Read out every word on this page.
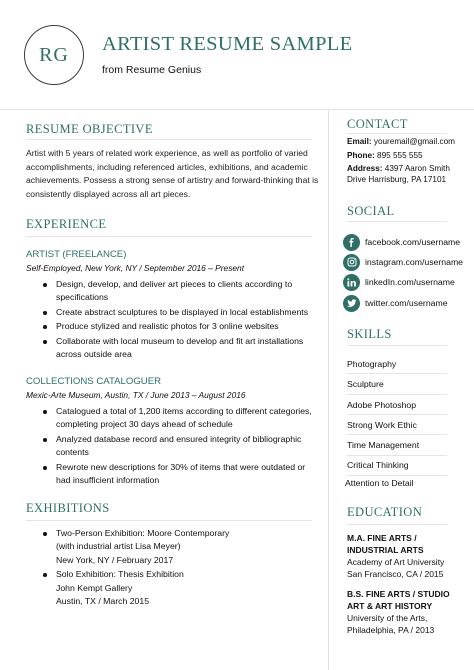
RG	ARTIST RESUME SAMPLE
from Resume Genius
RESUME OBJECTIVE
Artist with 5 years of related work experience, as well as portfolio of varied accomplishments, including referenced articles, exhibitions, and academic achievements. Possess a strong sense of artistry and forward-thinking that is consistently displayed across all art pieces.
EXPERIENCE
ARTIST (FREELANCE)
Self-Employed, New York, NY / September 2016 – Present
Design, develop, and deliver art pieces to clients according to specifications
Create abstract sculptures to be displayed in local establishments
Produce stylized and realistic photos for 3 online websites
Collaborate with local museum to develop and fit art installations across outside area
COLLECTIONS CATALOGUER
Mexic-Arte Museum, Austin, TX / June 2013 – August 2016
Catalogued a total of 1,200 items according to different categories, completing project 30 days ahead of schedule
Analyzed database record and ensured integrity of bibliographic contents
Rewrote new descriptions for 30% of items that were outdated or had insufficient information
EXHIBITIONS
Two-Person Exhibition: Moore Contemporary
(with industrial artist Lisa Meyer)
New York, NY / February 2017
Solo Exhibition: Thesis Exhibition
John Kempt Gallery
Austin, TX / March 2015
CONTACT
Email: youremail@gmail.com
Phone: 895 555 555
Address: 4397 Aaron Smith
Drive Harrisburg, PA 17101
SOCIAL
facebook.com/username
instagram.com/username
linkedIn.com/username
twitter.com/username
SKILLS
Photography
Sculpture
Adobe Photoshop
Strong Work Ethic
Time Management
Critical Thinking
Attention to Detail
EDUCATION
M.A. FINE ARTS /
INDUSTRIAL ARTS
Academy of Art University
San Francisco, CA / 2015
B.S. FINE ARTS / STUDIO
ART & ART HISTORY
University of the Arts,
Philadelphia, PA / 2013
